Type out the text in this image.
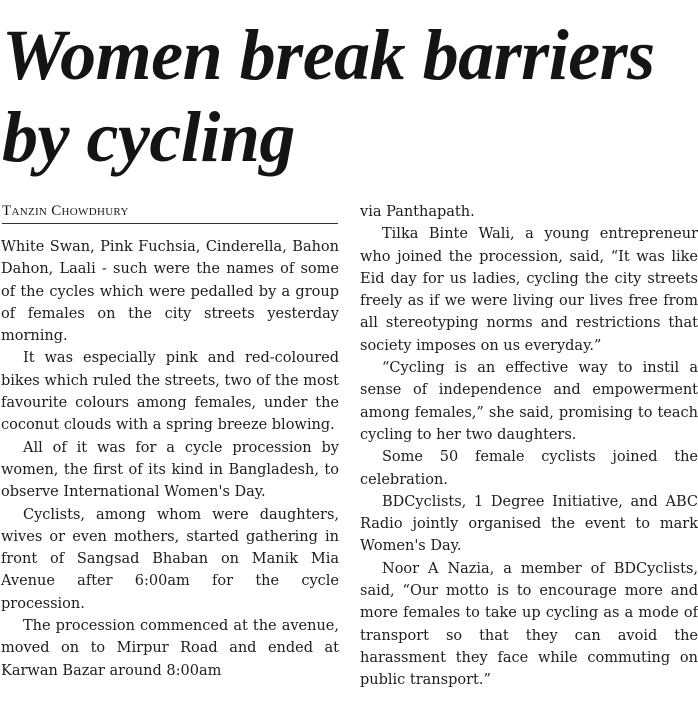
Women break barriers by cycling
Tanzin Chowdhury

White Swan, Pink Fuchsia, Cinderella, Bahon Dahon, Laali - such were the names of some of the cycles which were pedalled by a group of females on the city streets yesterday morning.

It was especially pink and red-coloured bikes which ruled the streets, two of the most favourite colours among females, under the coconut clouds with a spring breeze blowing.

All of it was for a cycle procession by women, the first of its kind in Bangladesh, to observe International Women's Day.

Cyclists, among whom were daughters, wives or even mothers, started gathering in front of Sangsad Bhaban on Manik Mia Avenue after 6:00am for the cycle procession.

The procession commenced at the avenue, moved on to Mirpur Road and ended at Karwan Bazar around 8:00am

via Panthapath.

Tilka Binte Wali, a young entrepreneur who joined the procession, said, “It was like Eid day for us ladies, cycling the city streets freely as if we were living our lives free from all stereotyping norms and restrictions that society imposes on us everyday.”

“Cycling is an effective way to instil a sense of independence and empowerment among females,” she said, promising to teach cycling to her two daughters.

Some 50 female cyclists joined the celebration.

BDCyclists, 1 Degree Initiative, and ABC Radio jointly organised the event to mark Women's Day.

Noor A Nazia, a member of BDCyclists, said, “Our motto is to encourage more and more females to take up cycling as a mode of transport so that they can avoid the harassment they face while commuting on public transport.”
